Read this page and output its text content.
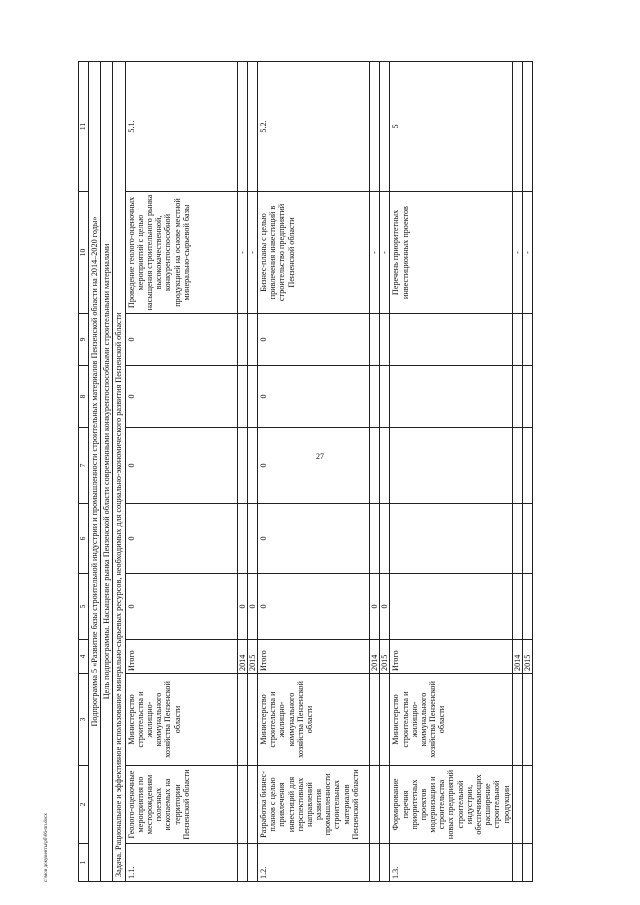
27
c:\мои документы\рб\06-пп.docx	1	2	3	4	5	6	7	8	9	10	11
Подпрограмма 5 «Развитие базы строительной индустрии и промышленности строительных материалов Пензенской области на 2014–2020 годы»										
Цель подпрограммы. Насыщение рынка Пензенской области современными конкурентоспособными строительными материалами										
Задача. Рациональное и эффективное использование минерально-сырьевых ресурсов, необходимых для социально-экономического развития Пензенской области										
1.1.	Геолого-оценочные мероприятия по месторождениям полезных ископаемых на территории Пензенской области	Министерство строительства и жилищно-коммунального хозяйства Пензенской области	Итого	0	0	0	0	0	Проведение геолого-оценочных мероприятий с целью насыщения строительного рынка высококачественной, конкурентоспособной продукцией на основе местной минерально-сырьевой базы	5.1.
			2014	0					-	
			2015	0					-	
1.2.	Разработка бизнес-планов с целью привлечения инвестиций для перспективных направлений развития промышленности строительных материалов Пензенской области	Министерство строительства и жилищно-коммунального хозяйства Пензенской области	Итого	0	0	0	0	0	Бизнес-планы с целью привлечения инвестиций в строительство предприятий Пензенской области	5.2.
			2014	0					-	
			2015	0					-	
1.3.	Формирование перечня приоритетных проектов модернизации и строительства новых предприятий строительной индустрии, обеспечивающих расширение строительной продукции	Министерство строительства и жилищно-коммунального хозяйства Пензенской области	Итого						Перечень приоритетных инвестиционных проектов	5
			2014						-	
			2015						-	
